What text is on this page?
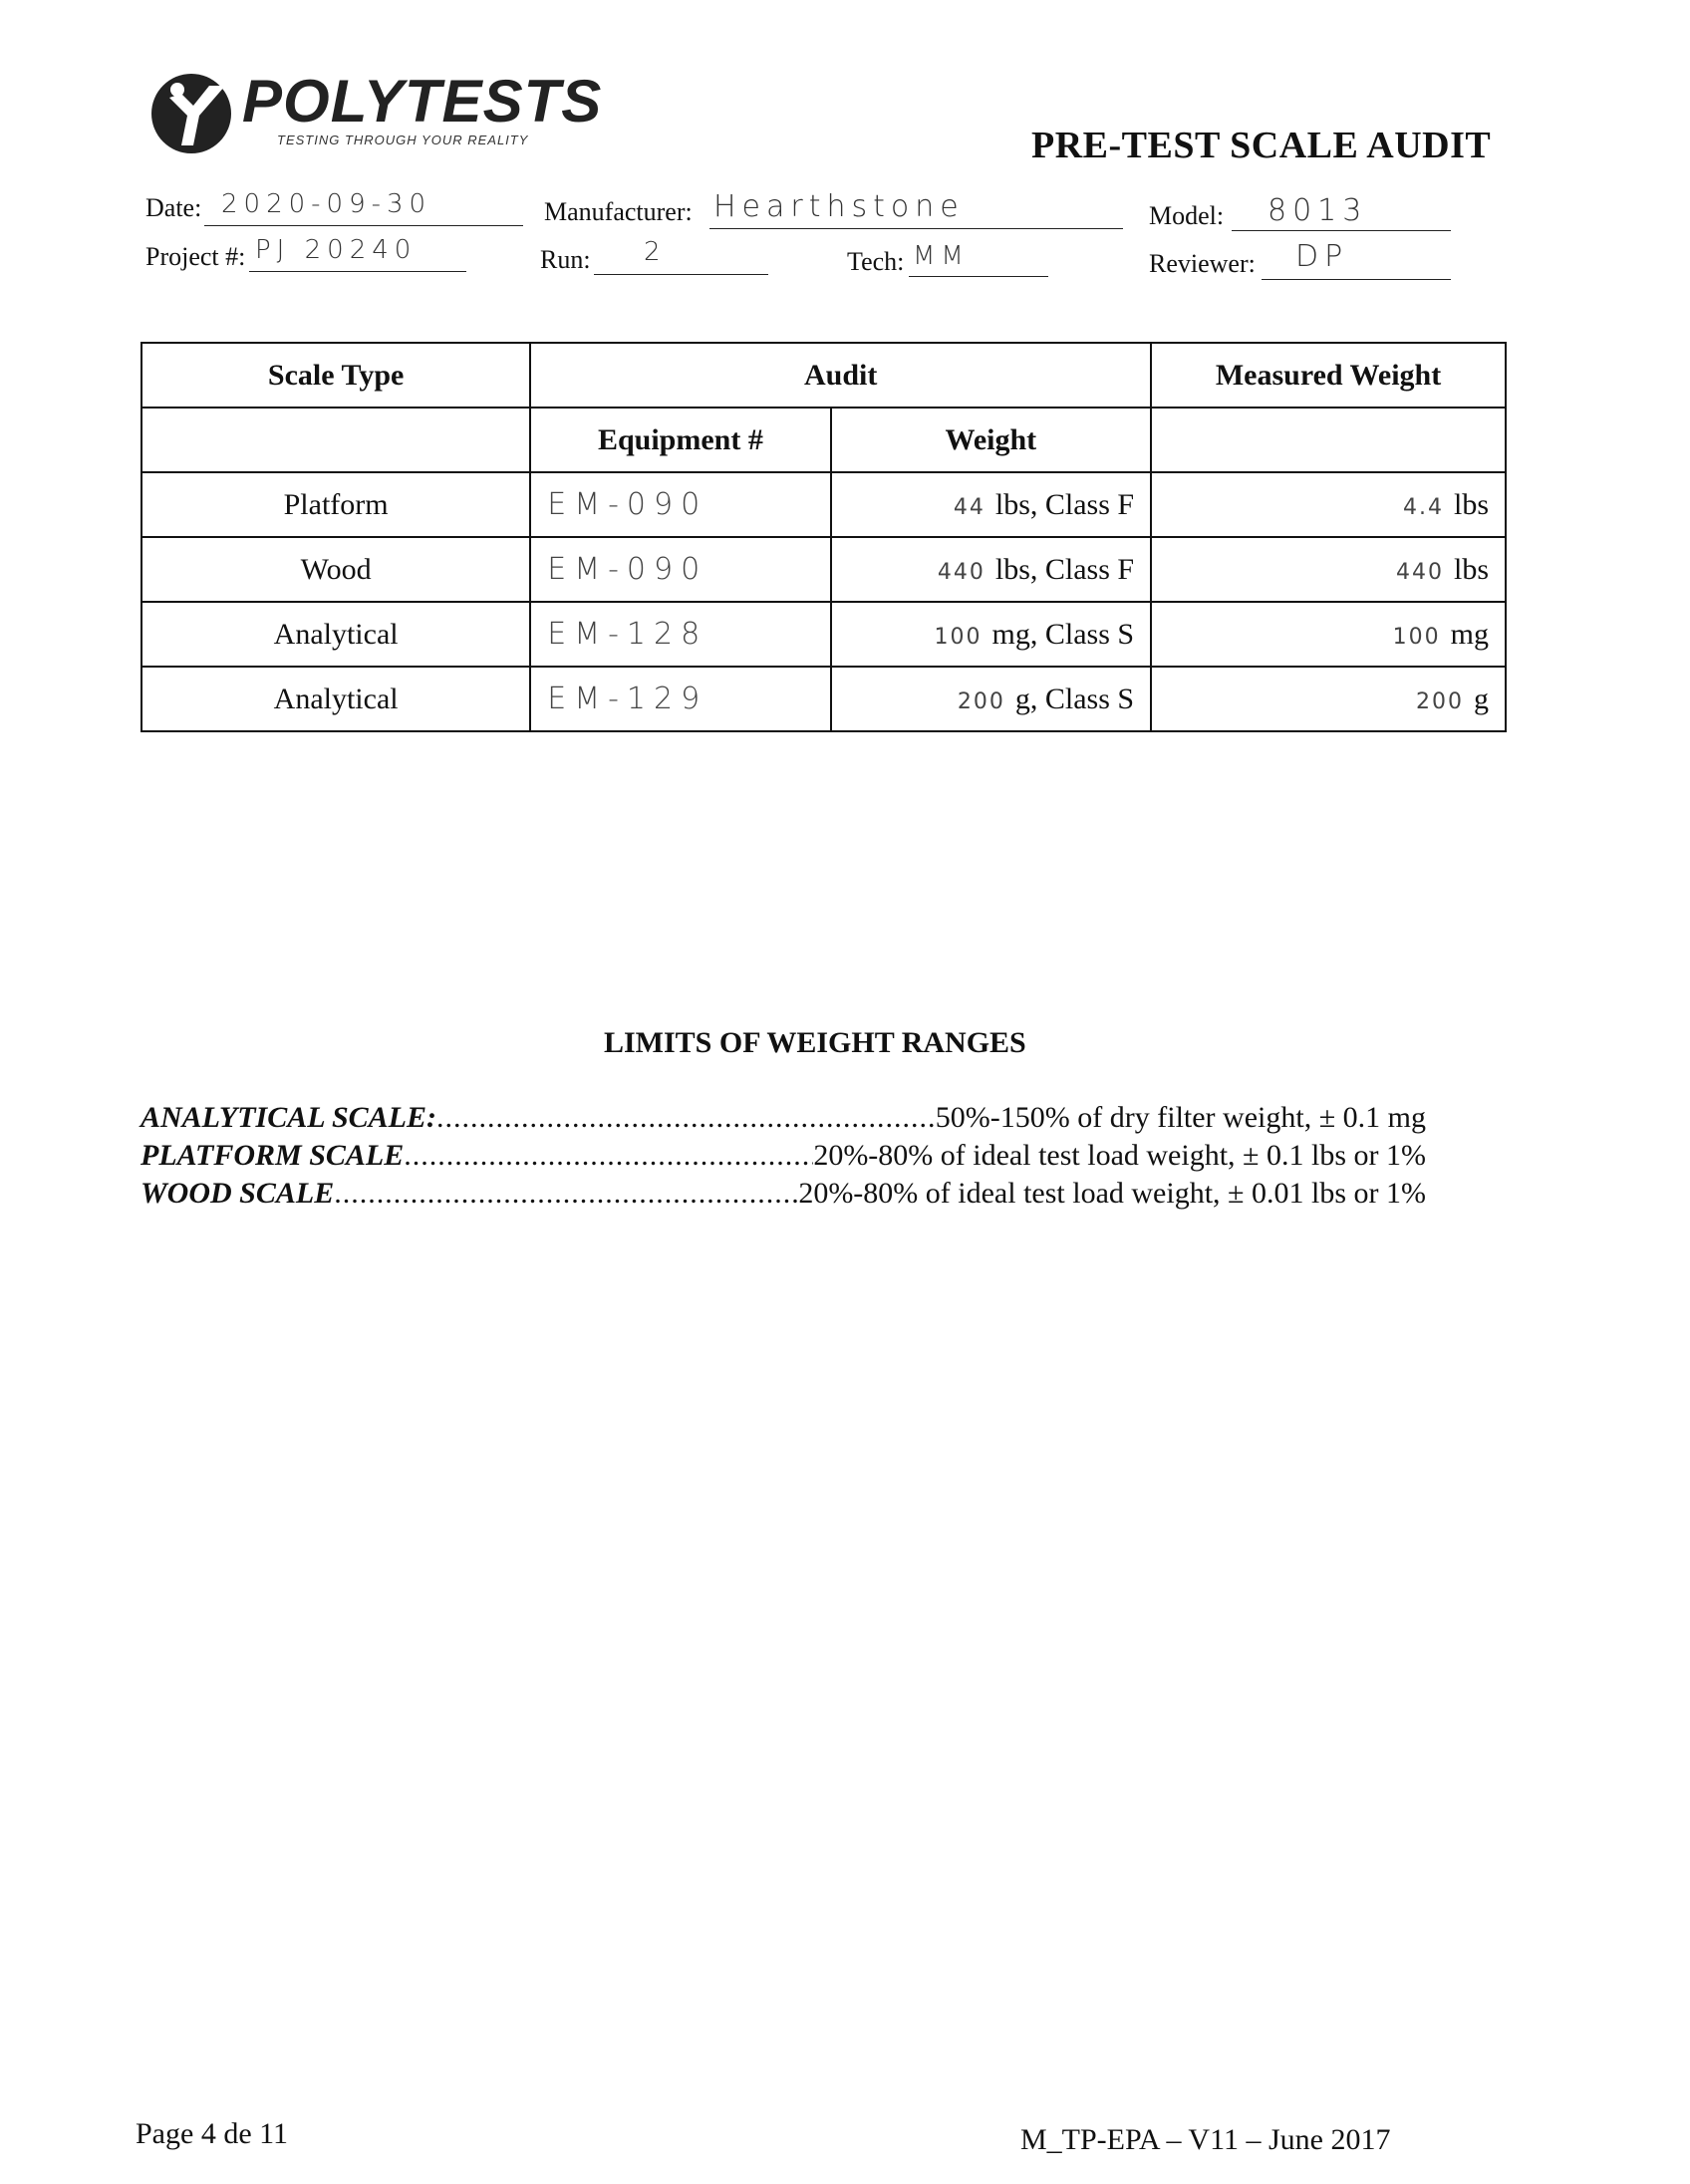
POLYTESTS
TESTING THROUGH YOUR REALITY	PRE-TEST SCALE AUDIT
Date: 2020-09-30	Manufacturer: Hearthstone	Model: 8013
Project #: PJ 20240	Run: 2	Tech: MM	Reviewer: DP
Scale Type	Audit		Measured Weight
	Equipment #	Weight	
Platform	EM-090	44 lbs, Class F	4.4 lbs
Wood	EM-090	440 lbs, Class F	440 lbs
Analytical	EM-128	100 mg, Class S	100 mg
Analytical	EM-129	200 g, Class S	200 g
LIMITS OF WEIGHT RANGES
ANALYTICAL SCALE: .....	50%-150% of dry filter weight, ± 0.1 mg
PLATFORM SCALE .....	20%-80% of ideal test load weight, ± 0.1 lbs or 1%
WOOD SCALE .....	20%-80% of ideal test load weight, ± 0.01 lbs or 1%
Page 4 de 11	M_TP-EPA – V11 – June 2017
